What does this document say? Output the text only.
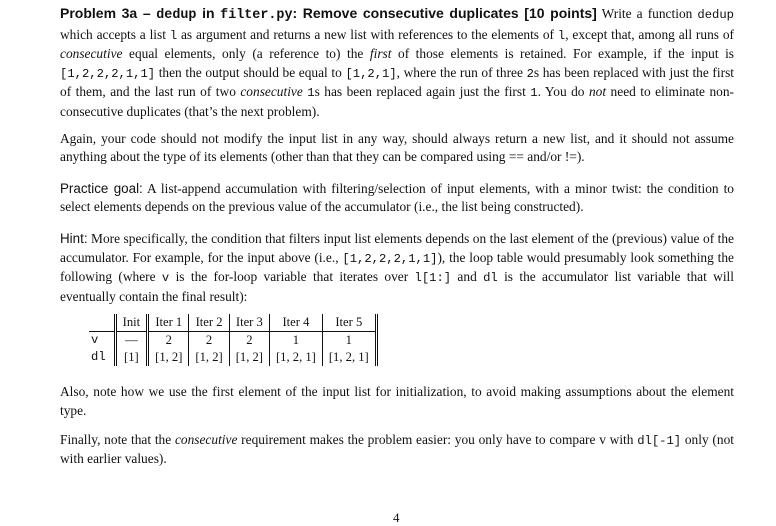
Problem 3a – dedup in filter.py: Remove consecutive duplicates [10 points] Write a function dedup which accepts a list l as argument and returns a new list with references to the elements of l, except that, among all runs of consecutive equal elements, only (a reference to) the first of those elements is retained. For example, if the input is [1,2,2,2,1,1] then the output should be equal to [1,2,1], where the run of three 2s has been replaced with just the first of them, and the last run of two consecutive 1s has been replaced again just the first 1. You do not need to eliminate non-consecutive duplicates (that’s the next problem).

Again, your code should not modify the input list in any way, should always return a new list, and it should not assume anything about the type of its elements (other than that they can be compared using == and/or !=).

Practice goal: A list-append accumulation with filtering/selection of input elements, with a minor twist: the condition to select elements depends on the previous value of the accumulator (i.e., the list being constructed).

Hint: More specifically, the condition that filters input list elements depends on the last element of the (previous) value of the accumulator. For example, for the input above (i.e., [1,2,2,2,1,1]), the loop table would presumably look something the following (where v is the for-loop variable that iterates over l[1:] and dl is the accumulator list variable that will eventually contain the final result):

	Init	Iter 1	Iter 2	Iter 3	Iter 4	Iter 5
v	—	2	2	2	1	1
dl	[1]	[1, 2]	[1, 2]	[1, 2]	[1, 2, 1]	[1, 2, 1]

Also, note how we use the first element of the input list for initialization, to avoid making assumptions about the element type.

Finally, note that the consecutive requirement makes the problem easier: you only have to compare v with dl[-1] only (not with earlier values).

4
